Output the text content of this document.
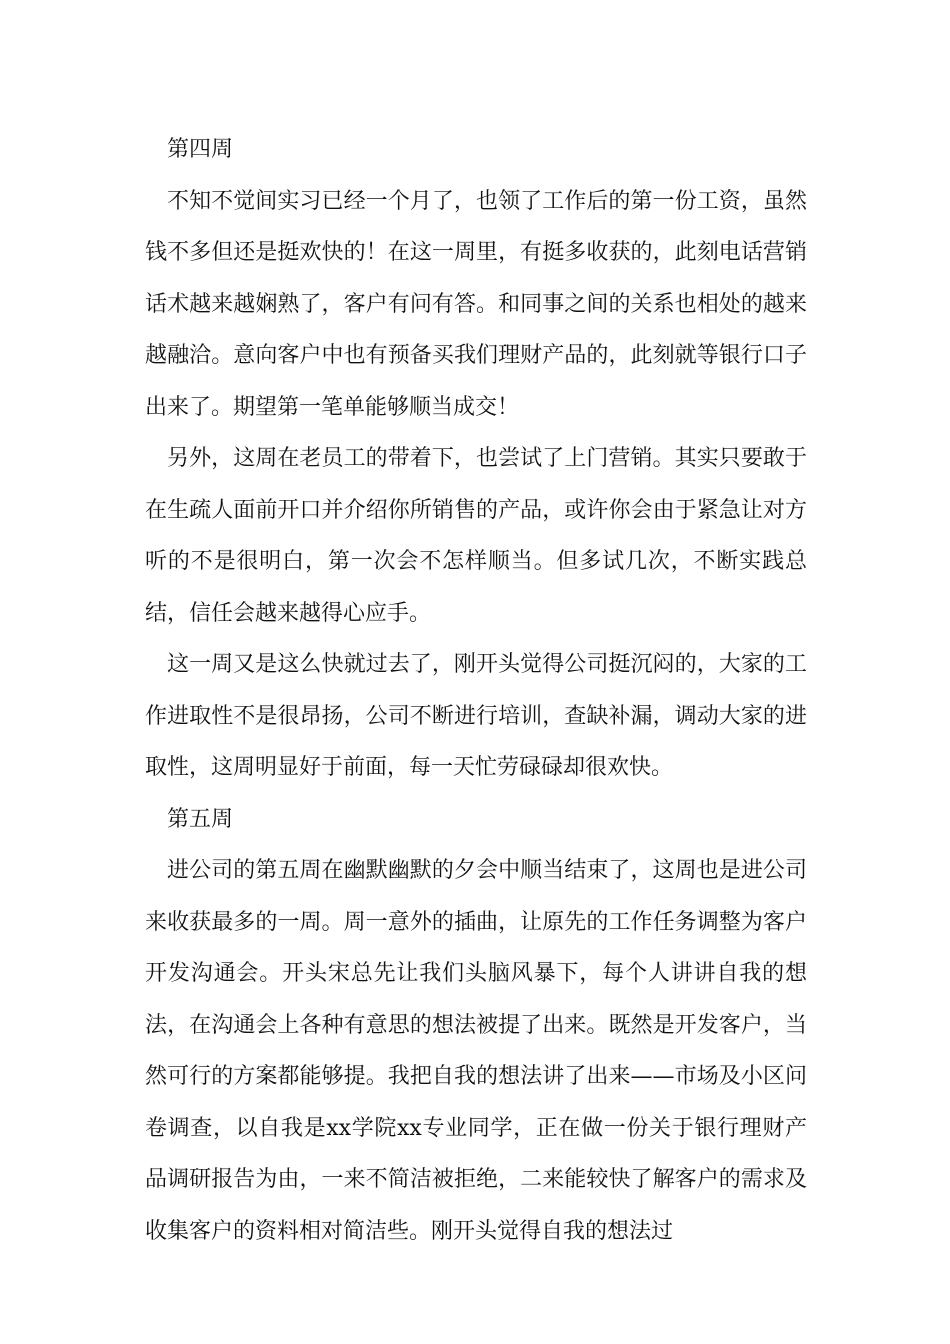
第四周

不知不觉间实习已经一个月了，也领了工作后的第一份工资，虽然钱不多但还是挺欢快的！在这一周里，有挺多收获的，此刻电话营销话术越来越娴熟了，客户有问有答。和同事之间的关系也相处的越来越融洽。意向客户中也有预备买我们理财产品的，此刻就等银行口子出来了。期望第一笔单能够顺当成交！

另外，这周在老员工的带着下，也尝试了上门营销。其实只要敢于在生疏人面前开口并介绍你所销售的产品，或许你会由于紧急让对方听的不是很明白，第一次会不怎样顺当。但多试几次，不断实践总结，信任会越来越得心应手。

这一周又是这么快就过去了，刚开头觉得公司挺沉闷的，大家的工作进取性不是很昂扬，公司不断进行培训，查缺补漏，调动大家的进取性，这周明显好于前面，每一天忙劳碌碌却很欢快。

第五周

进公司的第五周在幽默幽默的夕会中顺当结束了，这周也是进公司来收获最多的一周。周一意外的插曲，让原先的工作任务调整为客户开发沟通会。开头宋总先让我们头脑风暴下，每个人讲讲自我的想法，在沟通会上各种有意思的想法被提了出来。既然是开发客户，当然可行的方案都能够提。我把自我的想法讲了出来——市场及小区问卷调查，以自我是xx学院xx专业同学，正在做一份关于银行理财产品调研报告为由，一来不简洁被拒绝，二来能较快了解客户的需求及收集客户的资料相对简洁些。刚开头觉得自我的想法过
